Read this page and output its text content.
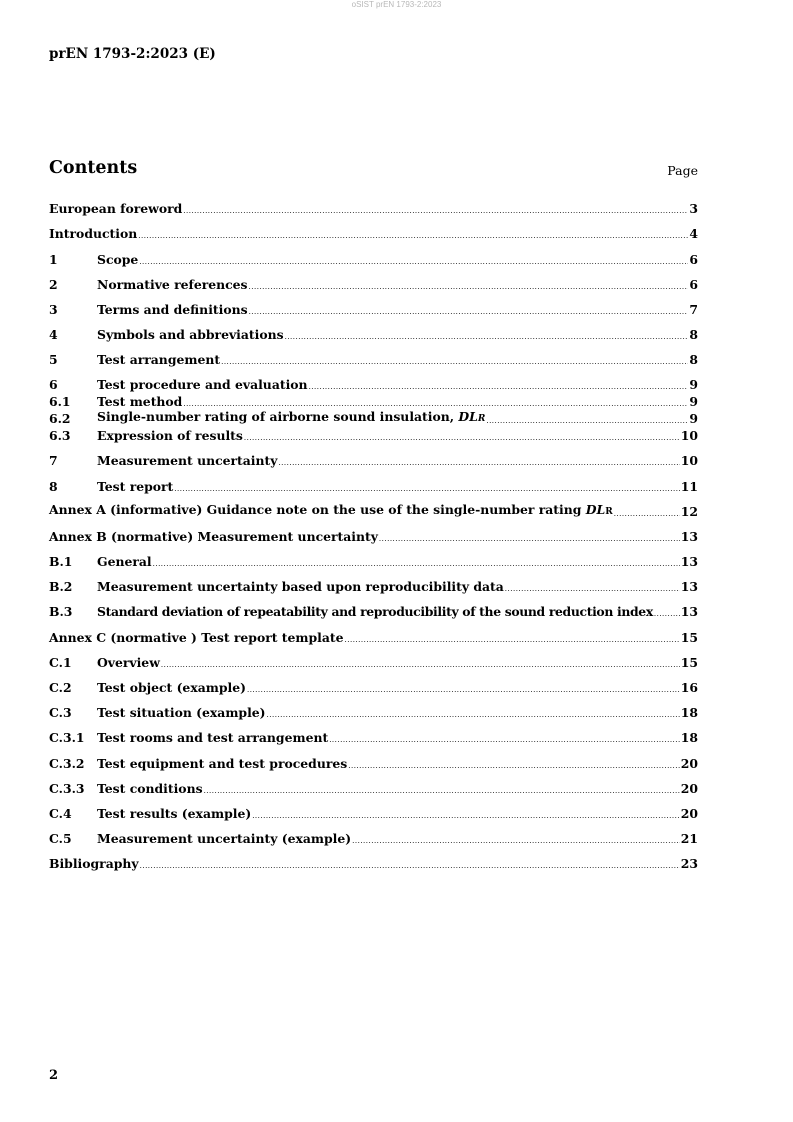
oSIST prEN 1793-2:2023
prEN 1793-2:2023 (E)
Contents	Page
European foreword .....	3
Introduction .....	4
1	Scope .....	6
2	Normative references .....	6
3	Terms and definitions .....	7
4	Symbols and abbreviations .....	8
5	Test arrangement .....	8
6	Test procedure and evaluation .....	9
6.1	Test method .....	9
6.2	Single-number rating of airborne sound insulation, DLR .....	9
6.3	Expression of results .....	10
7	Measurement uncertainty .....	10
8	Test report .....	11
Annex A (informative) Guidance note on the use of the single-number rating DLR .....	12
Annex B (normative) Measurement uncertainty .....	13
B.1	General .....	13
B.2	Measurement uncertainty based upon reproducibility data .....	13
B.3	Standard deviation of repeatability and reproducibility of the sound reduction index ..... 13
Annex C (normative ) Test report template .....	15
C.1	Overview .....	15
C.2	Test object (example) .....	16
C.3	Test situation (example) .....	18
C.3.1	Test rooms and test arrangement .....	18
C.3.2	Test equipment and test procedures .....	20
C.3.3	Test conditions .....	20
C.4	Test results (example) .....	20
C.5	Measurement uncertainty (example) .....	21
Bibliography .....	23
2
